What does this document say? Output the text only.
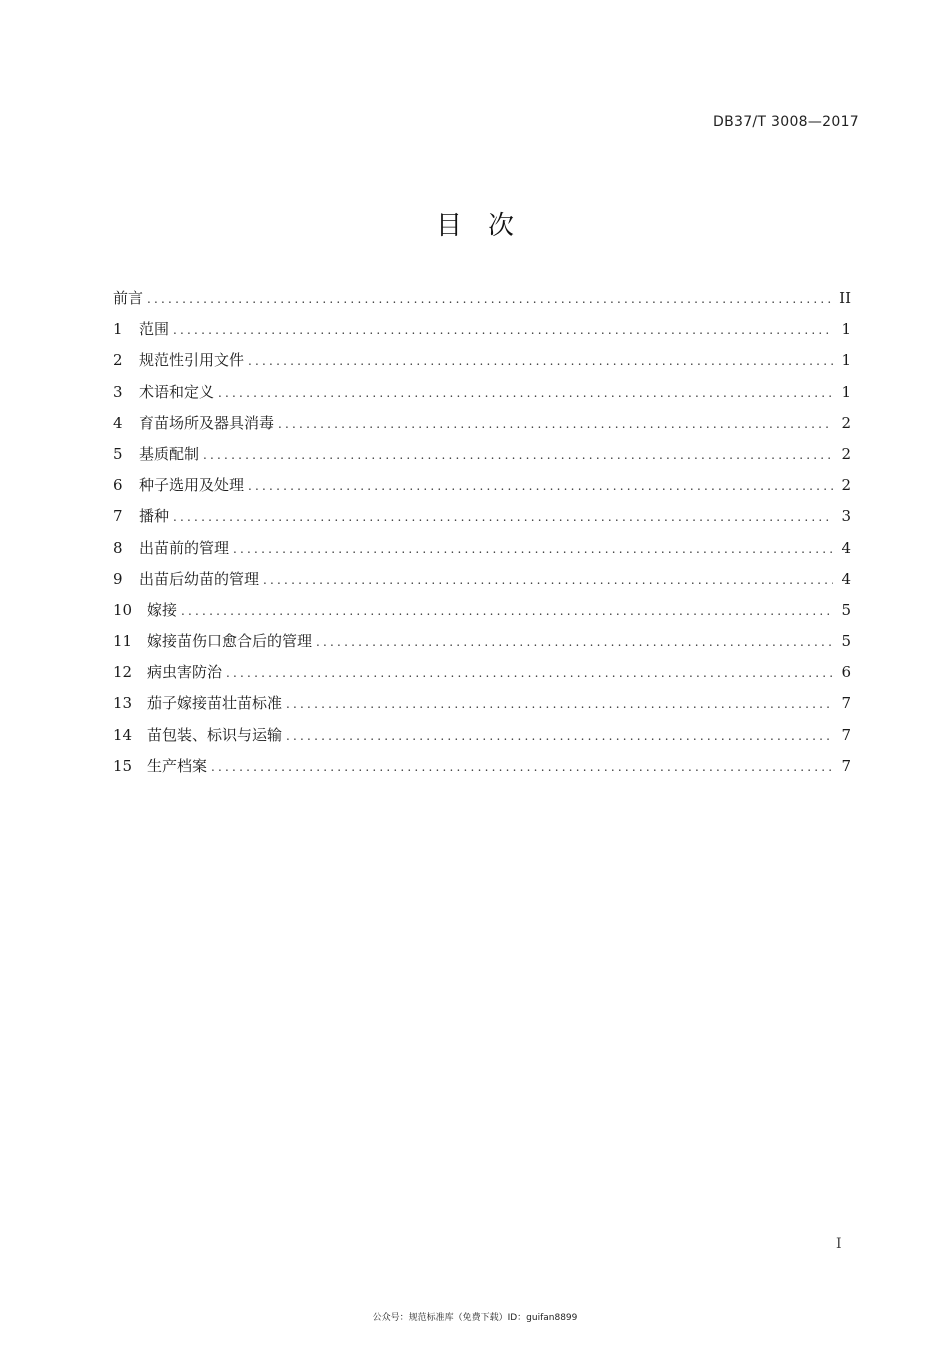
DB37/T 3008—2017
目次
前言 .....	II
1	范围 .....	1
2	规范性引用文件 .....	1
3	术语和定义 .....	1
4	育苗场所及器具消毒 .....	2
5	基质配制 .....	2
6	种子选用及处理 .....	2
7	播种 .....	3
8	出苗前的管理 .....	4
9	出苗后幼苗的管理 .....	4
10 嫁接 .....	5
11 嫁接苗伤口愈合后的管理 .....	5
12 病虫害防治 .....	6
13 茄子嫁接苗壮苗标准 .....	7
14 苗包装、标识与运输 .....	7
15 生产档案 .....	7
I
公众号：规范标准库（免费下载）ID：guifan8899
